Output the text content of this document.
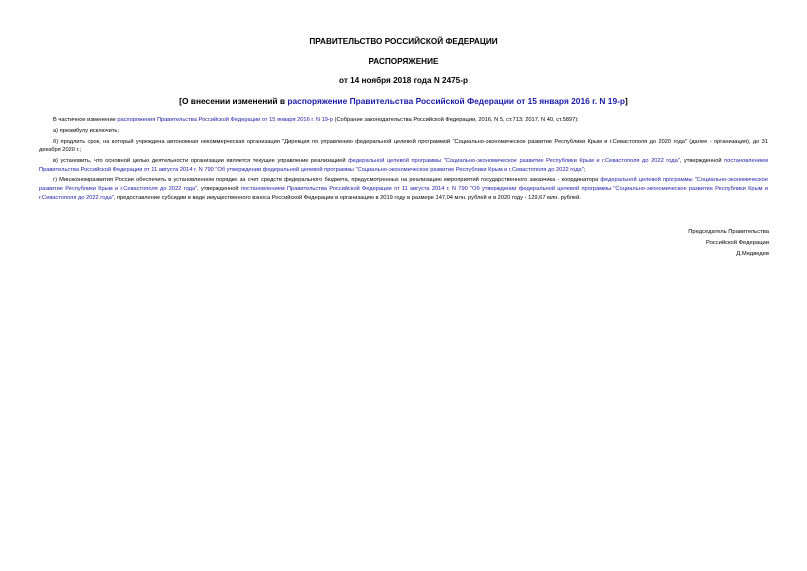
ПРАВИТЕЛЬСТВО РОССИЙСКОЙ ФЕДЕРАЦИИ
РАСПОРЯЖЕНИЕ
от 14 ноября 2018 года N 2475-р
[О внесении изменений в распоряжение Правительства Российской Федерации от 15 января 2016 г. N 19-р]

В частичное изменение распоряжения Правительства Российской Федерации от 15 января 2016 г. N 19-р (Собрание законодательства Российской Федерации, 2016, N 5, ст.713; 2017, N 40, ст.5897):

а) преамбулу исключить;

б) продлить срок, на который учреждена автономная некоммерческая организация "Дирекция по управлению федеральной целевой программой "Социально-экономическое развитие Республики Крым и г.Севастополя до 2020 года" (далее - организация), до 31 декабря 2020 г.;

в) установить, что основной целью деятельности организации является текущее управление реализацией федеральной целевой программы "Социально-экономическое развитие Республики Крым и г.Севастополя до 2022 года", утвержденной постановлением Правительства Российской Федерации от 11 августа 2014 г. N 790 "Об утверждении федеральной целевой программы "Социально-экономическое развитие Республики Крым и г.Севастополя до 2022 года";

г) Минэкономразвития России обеспечить в установленном порядке за счет средств федерального бюджета, предусмотренных на реализацию мероприятий государственного заказчика - координатора федеральной целевой программы "Социально-экономическое развитие Республики Крым и г.Севастополя до 2022 года", утвержденной постановлением Правительства Российской Федерации от 11 августа 2014 г. N 790 "Об утверждении федеральной целевой программы "Социально-экономическое развитие Республики Крым и г.Севастополя до 2022 года", предоставление субсидии в виде имущественного взноса Российской Федерации в организацию в 2019 году в размере 147,04 млн. рублей и в 2020 году - 129,67 млн. рублей.

Председатель Правительства
Российской Федерации
Д.Медведев
